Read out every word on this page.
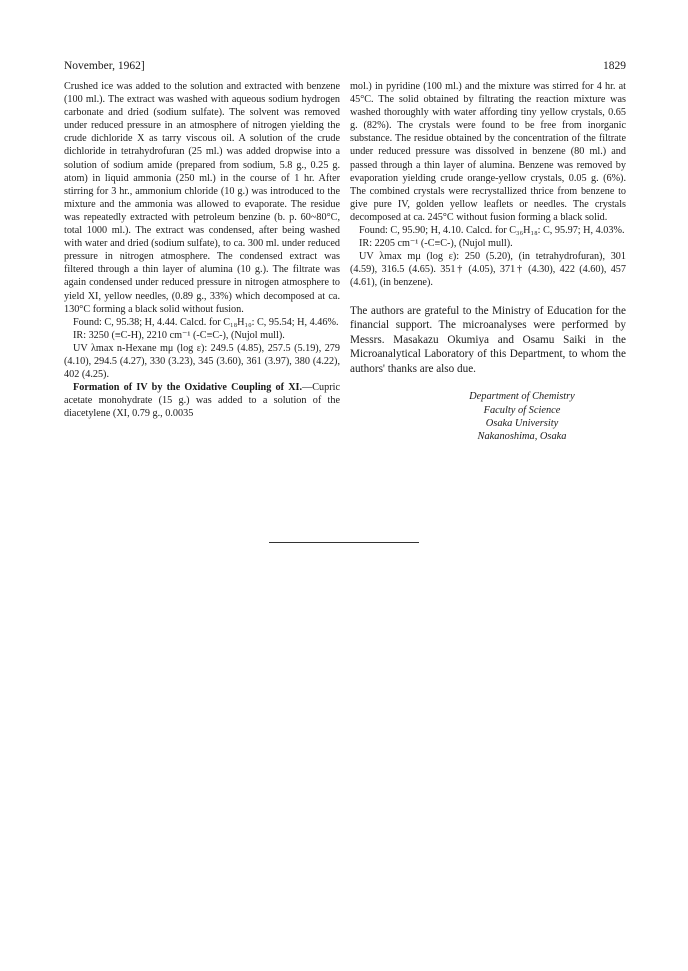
November, 1962]	1829

Crushed ice was added to the solution and extracted with benzene (100 ml.). The extract was washed with aqueous sodium hydrogen carbonate and dried (sodium sulfate). The solvent was removed under reduced pressure in an atmosphere of nitrogen yielding the crude dichloride X as tarry viscous oil. A solution of the crude dichloride in tetrahydrofuran (25 ml.) was added dropwise into a solution of sodium amide (prepared from sodium, 5.8 g., 0.25 g. atom) in liquid ammonia (250 ml.) in the course of 1 hr. After stirring for 3 hr., ammonium chloride (10 g.) was introduced to the mixture and the ammonia was allowed to evaporate. The residue was repeatedly extracted with petroleum benzine (b. p. 60~80°C, total 1000 ml.). The extract was condensed, after being washed with water and dried (sodium sulfate), to ca. 300 ml. under reduced pressure in nitrogen atmosphere. The condensed extract was filtered through a thin layer of alumina (10 g.). The filtrate was again condensed under reduced pressure in nitrogen atmosphere to yield XI, yellow needles, (0.89 g., 33%) which decomposed at ca. 130°C forming a black solid without fusion.

Found: C, 95.38; H, 4.44. Calcd. for C₁₈H₁₀: C, 95.54; H, 4.46%.

IR: 3250 (≡C-H), 2210 cm⁻¹ (-C≡C-), (Nujol mull).

UV λmax n-Hexane mμ (log ε): 249.5 (4.85), 257.5 (5.19), 279 (4.10), 294.5 (4.27), 330 (3.23), 345 (3.60), 361 (3.97), 380 (4.22), 402 (4.25).

Formation of IV by the Oxidative Coupling of XI.—Cupric acetate monohydrate (15 g.) was added to a solution of the diacetylene (XI, 0.79 g., 0.0035

mol.) in pyridine (100 ml.) and the mixture was stirred for 4 hr. at 45°C. The solid obtained by filtrating the reaction mixture was washed thoroughly with water affording tiny yellow crystals, 0.65 g. (82%). The crystals were found to be free from inorganic substance. The residue obtained by the concentration of the filtrate under reduced pressure was dissolved in benzene (80 ml.) and passed through a thin layer of alumina. Benzene was removed by evaporation yielding crude orange-yellow crystals, 0.05 g. (6%). The combined crystals were recrystallized thrice from benzene to give pure IV, golden yellow leaflets or needles. The crystals decomposed at ca. 245°C without fusion forming a black solid.

Found: C, 95.90; H, 4.10. Calcd. for C₃₆H₁₈: C, 95.97; H, 4.03%.

IR: 2205 cm⁻¹ (-C≡C-), (Nujol mull).

UV λmax mμ (log ε): 250 (5.20), (in tetrahydrofuran), 301 (4.59), 316.5 (4.65). 351† (4.05), 371† (4.30), 422 (4.60), 457 (4.61), (in benzene).

The authors are grateful to the Ministry of Education for the financial support. The microanalyses were performed by Messrs. Masakazu Okumiya and Osamu Saiki in the Microanalytical Laboratory of this Department, to whom the authors' thanks are also due.

Department of Chemistry
Faculty of Science
Osaka University
Nakanoshima, Osaka
